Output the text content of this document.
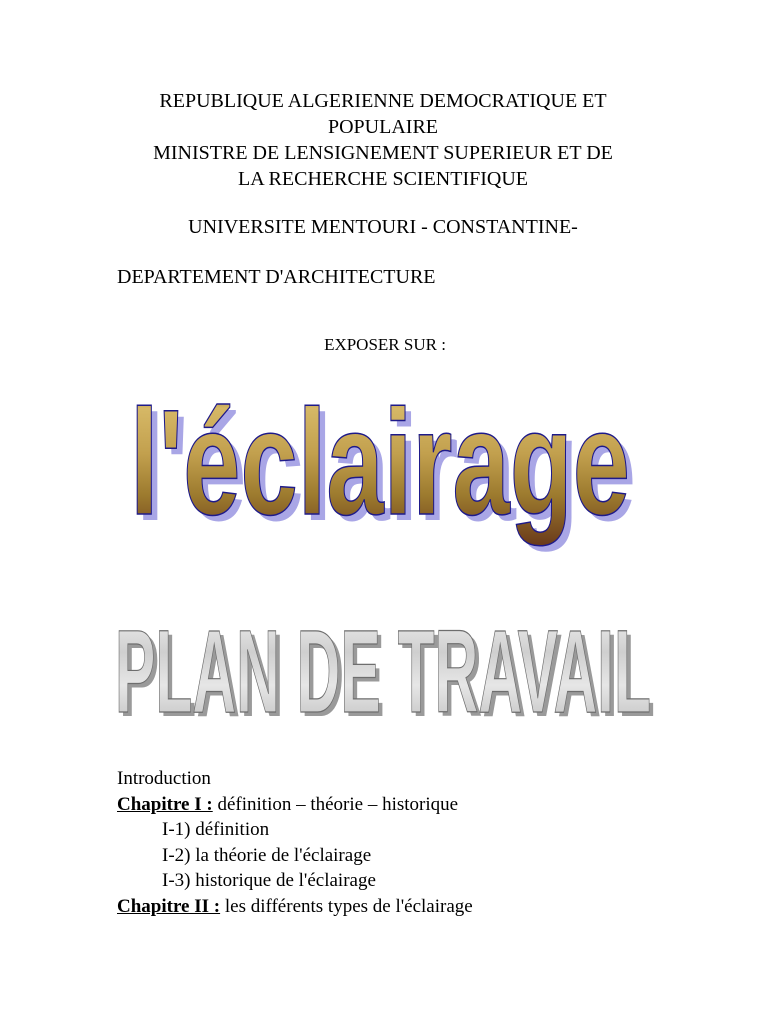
REPUBLIQUE ALGERIENNE DEMOCRATIQUE ET
POPULAIRE
MINISTRE DE LENSIGNEMENT SUPERIEUR ET DE
LA RECHERCHE SCIENTIFIQUE
UNIVERSITE MENTOURI - CONSTANTINE-
DEPARTEMENT D'ARCHITECTURE
EXPOSER SUR :
l'éclairage
l'éclairage
PLAN DE TRAVAIL
PLAN DE TRAVAIL
Introduction
Chapitre I : définition – théorie – historique
I-1) définition
I-2) la théorie de l'éclairage
I-3) historique de l'éclairage
Chapitre II : les différents types de l'éclairage
